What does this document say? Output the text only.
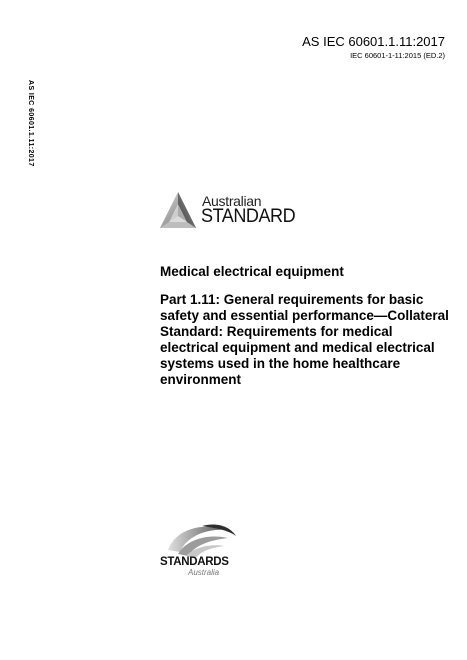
AS IEC 60601.1.11:2017
IEC 60601-1-11:2015 (ED.2)
AS IEC 60601.1.11:2017
Australian
STANDARD
Medical electrical equipment
Part 1.11: General requirements for basic safety and essential performance—Collateral Standard: Requirements for medical electrical equipment and medical electrical systems used in the home healthcare environment
STANDARDS
Australia
